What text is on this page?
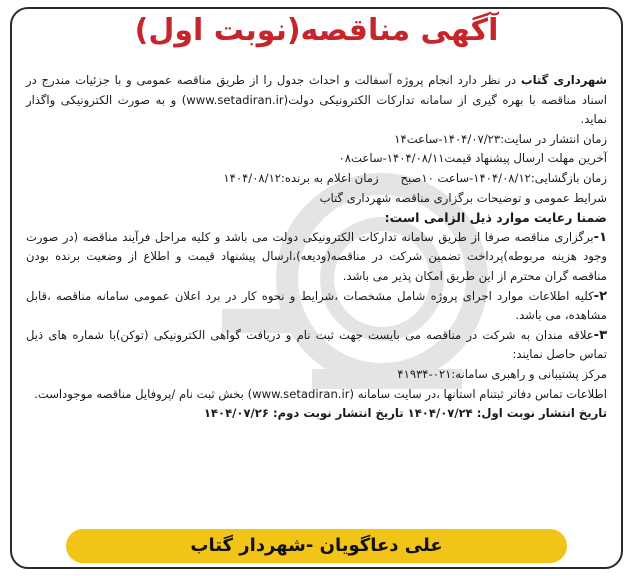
آگهی مناقصه(نوبت اول)

شهرداری گتاب در نظر دارد انجام پروژه آسفالت و احداث جدول را از طریق مناقصه عمومی و با جزئیات مندرج در اسناد مناقصه با بهره گیری از سامانه تدارکات الکترونیکی دولت(www.setadiran.ir) و به صورت الکترونیکی واگذار نماید.

زمان انتشار در سایت:۱۴۰۴/۰۷/۲۳-ساعت۱۴

آخرین مهلت ارسال پیشنهاد قیمت۱۴۰۴/۰۸/۱۱-ساعت۰۸

زمان بازگشایی:۱۴۰۴/۰۸/۱۲-ساعت ۱۰صبحزمان اعلام به برنده:۱۴۰۴/۰۸/۱۲

شرایط عمومی و توضیحات برگزاری مناقصه شهرداری گتاب

ضمنا رعایت موارد ذیل الزامی است:

۱-برگزاری مناقصه صرفا از طریق سامانه تدارکات الکترونیکی دولت می باشد و کلیه مراحل فرآیند مناقصه (در صورت وجود هزینه مربوطه)پرداخت تضمین شرکت در مناقصه(ودیعه)،ارسال پیشنهاد قیمت و اطلاع از وضعیت برنده بودن مناقصه گران محترم از این طریق امکان پذیر می باشد.

۲-کلیه اطلاعات موارد اجرای پروژه شامل مشخصات ،شرایط و نحوه کار در برد اعلان عمومی سامانه مناقصه ،قابل مشاهده، می باشد.

۳-علاقه مندان به شرکت در مناقصه می بایست جهت ثبت نام و دریافت گواهی الکترونیکی (توکن)با شماره های ذیل تماس حاصل نمایند:

مرکز پشتیبانی و راهبری سامانه:۰۲۱-۴۱۹۳۴

اطلاعات تماس دفاتر ثبتنام استانها ،در سایت سامانه (www.setadiran.ir) بخش ثبت نام /پروفایل مناقصه موجوداست.

تاریخ انتشار نوبت اول: ۱۴۰۴/۰۷/۲۴ تاریخ انتشار نوبت دوم: ۱۴۰۴/۰۷/۲۶

علی دعاگویان -شهردار گتاب
